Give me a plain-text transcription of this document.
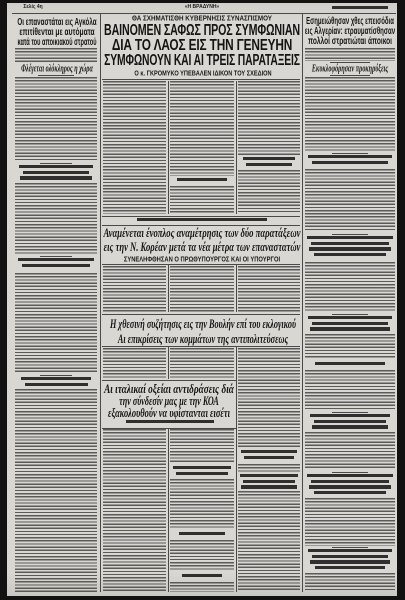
Σελίς 4η	«Η ΒΡΑΔΥΝΗ»
Οι επαναστάται εις Αγκόλα
επιτίθενται με αυτόματα
κατά του αποικιακού στρατού
Φλέγεται ολόκληρος η χώρα
ΘΑ ΣΧΗΜΑΤΙΣΘΗ ΚΥΒΕΡΝΗΣΙΣ ΣΥΝΑΣΠΙΣΜΟΥ
ΒΑΙΝΟΜΕΝ ΣΑΦΩΣ ΠΡΟΣ ΣΥΜΦΩΝΙΑΝ
ΔΙΑ ΤΟ ΛΑΟΣ ΕΙΣ ΤΗΝ ΓΕΝΕΥΗΝ
ΣΥΜΦΩΝΟΥΝ ΚΑΙ ΑΙ ΤΡΕΙΣ ΠΑΡΑΤΑΞΕΙΣ
Ο κ. ΓΚΡΟΜΥΚΟ ΥΠΕΒΑΛΕΝ ΙΔΙΚΟΝ ΤΟΥ ΣΧΕΔΙΟΝ
Αναμένεται ένοπλος αναμέτρησις των δύο παρατάξεων
εις την Ν. Κορέαν μετά τα νέα μέτρα των επαναστατών
ΣΥΝΕΛΗΦΘΗΣΑΝ Ο ΠΡΩΘΥΠΟΥΡΓΟΣ ΚΑΙ ΟΙ ΥΠΟΥΡΓΟΙ
Η χθεσινή συζήτησις εις την Βουλήν επί του εκλογικού
Αι επικρίσεις των κομμάτων της αντιπολιτεύσεως
Αι ιταλικαί οξείαι αντιδράσεις διά
την σύνδεσίν μας με την ΚΟΑ
εξακολουθούν να υφίστανται εισέτι
Εσημειώθησαν χθες επεισόδια
εις Αλγερίαν: ετραυματίσθησαν
πολλοί στρατιώται άποικοι
Εκυκλοφόρησαν προκηρύξεις
